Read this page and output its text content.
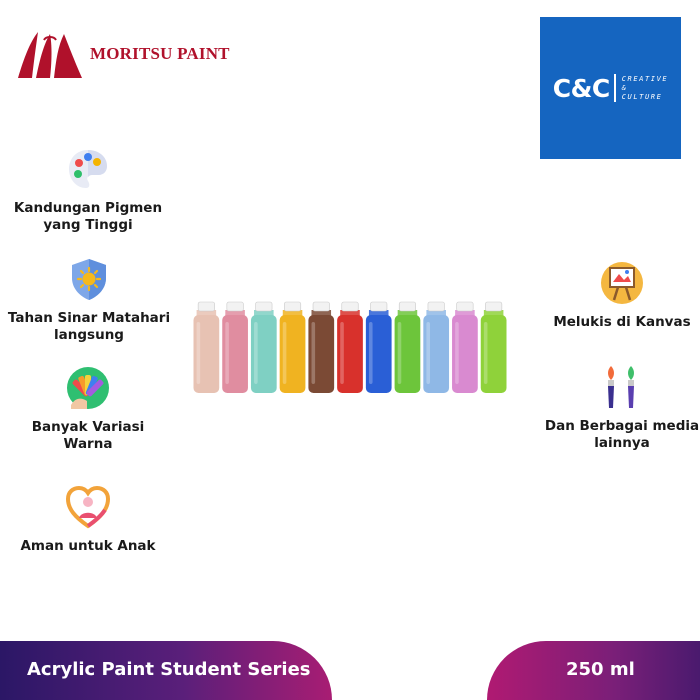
MORITSU PAINT
C&C CREATIVE
&
CULTURE
Kandungan Pigmen
yang Tinggi
Tahan Sinar Matahari
langsung
Banyak Variasi
Warna
Aman untuk Anak
Melukis di Kanvas
Dan Berbagai media
lainnya
Acrylic Paint Student Series	250 ml
